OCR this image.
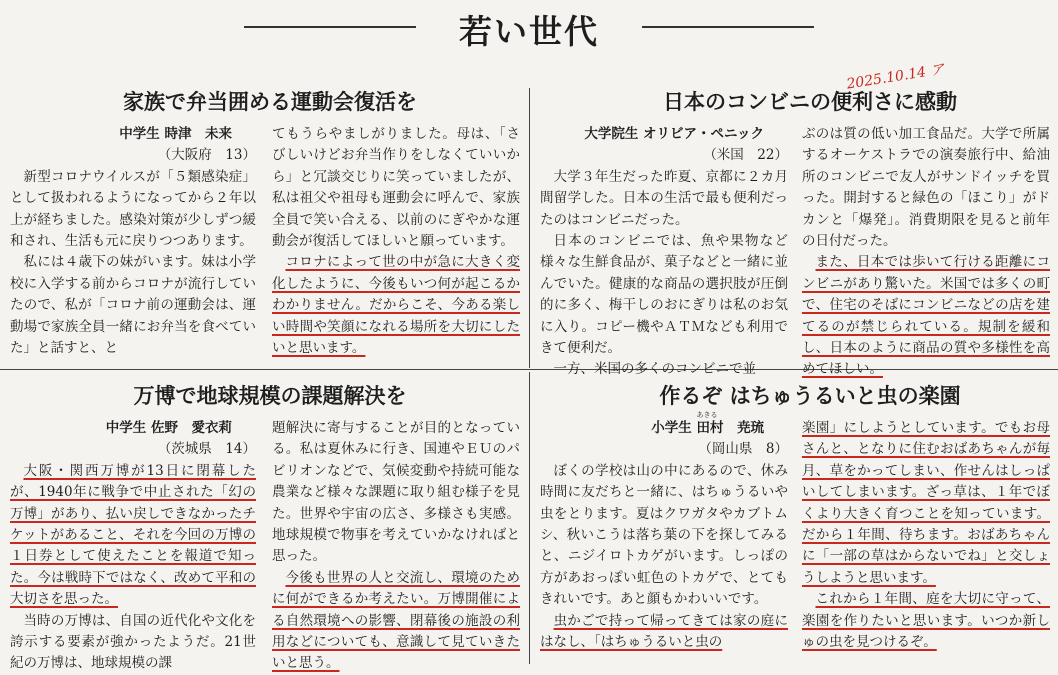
若い世代
2025.10.14 ア
家族で弁当囲める運動会復活を
中学生 時津　未来
（大阪府　13）

新型コロナウイルスが「５類感染症」として扱われるようになってから２年以上が経ちました。感染対策が少しずつ緩和され、生活も元に戻りつつあります。

私には４歳下の妹がいます。妹は小学校に入学する前からコロナが流行していたので、私が「コロナ前の運動会は、運動場で家族全員一緒にお弁当を食べていた」と話すと、と

てもうらやましがりました。母は、「さびしいけどお弁当作りをしなくていいから」と冗談交じりに笑っていましたが、私は祖父や祖母も運動会に呼んで、家族全員で笑い合える、以前のにぎやかな運動会が復活してほしいと願っています。

コロナによって世の中が急に大きく変化したように、今後もいつ何が起こるかわかりません。だからこそ、今ある楽しい時間や笑顔になれる場所を大切にしたいと思います。

日本のコンビニの便利さに感動
大学院生 オリビア・ペニック
（米国　22）

大学３年生だった昨夏、京都に２カ月間留学した。日本の生活で最も便利だったのはコンビニだった。

日本のコンビニでは、魚や果物など様々な生鮮食品が、菓子などと一緒に並んでいた。健康的な商品の選択肢が圧倒的に多く、梅干しのおにぎりは私のお気に入り。コピー機やＡＴＭなども利用できて便利だ。

一方、米国の多くのコンビニで並

ぶのは質の低い加工食品だ。大学で所属するオーケストラでの演奏旅行中、給油所のコンビニで友人がサンドイッチを買った。開封すると緑色の「ほこり」がドカンと「爆発」。消費期限を見ると前年の日付だった。

また、日本では歩いて行ける距離にコンビニがあり驚いた。米国では多くの町で、住宅のそばにコンビニなどの店を建てるのが禁じられている。規制を緩和し、日本のように商品の質や多様性を高めてほしい。

万博で地球規模の課題解決を
中学生 佐野　愛衣莉
（茨城県　14）

大阪・関西万博が13日に閉幕したが、1940年に戦争で中止された「幻の万博」があり、払い戻しできなかったチケットがあること、それを今回の万博の１日券として使えたことを報道で知った。今は戦時下ではなく、改めて平和の大切さを思った。

当時の万博は、自国の近代化や文化を誇示する要素が強かったようだ。21世紀の万博は、地球規模の課

題解決に寄与することが目的となっている。私は夏休みに行き、国連やＥＵのパビリオンなどで、気候変動や持続可能な農業など様々な課題に取り組む様子を見た。世界や宇宙の広さ、多様さも実感。地球規模で物事を考えていかなければと思った。

今後も世界の人と交流し、環境のために何ができるか考えたい。万博開催による自然環境への影響、閉幕後の施設の利用などについても、意識して見ていきたいと思う。

作るぞ はちゅうるいと虫の楽園
小学生
あきる
田村　尭琉
（岡山県　8）

ぼくの学校は山の中にあるので、休み時間に友だちと一緒に、はちゅうるいや虫をとります。夏はクワガタやカブトムシ、秋いこうは落ち葉の下を探してみると、ニジイロトカゲがいます。しっぽの方があおっぽい虹色のトカゲで、とてもきれいです。あと顔もかわいいです。

虫かごで持って帰ってきては家の庭にはなし、「はちゅうるいと虫の

楽園」にしようとしています。でもお母さんと、となりに住むおばあちゃんが毎月、草をかってしまい、作せんはしっぱいしてしまいます。ざっ草は、１年でぼくより大きく育つことを知っています。だから１年間、待ちます。おばあちゃんに「一部の草はからないでね」と交しょうしようと思います。

これから１年間、庭を大切に守って、楽園を作りたいと思います。いつか新しゅの虫を見つけるぞ。
